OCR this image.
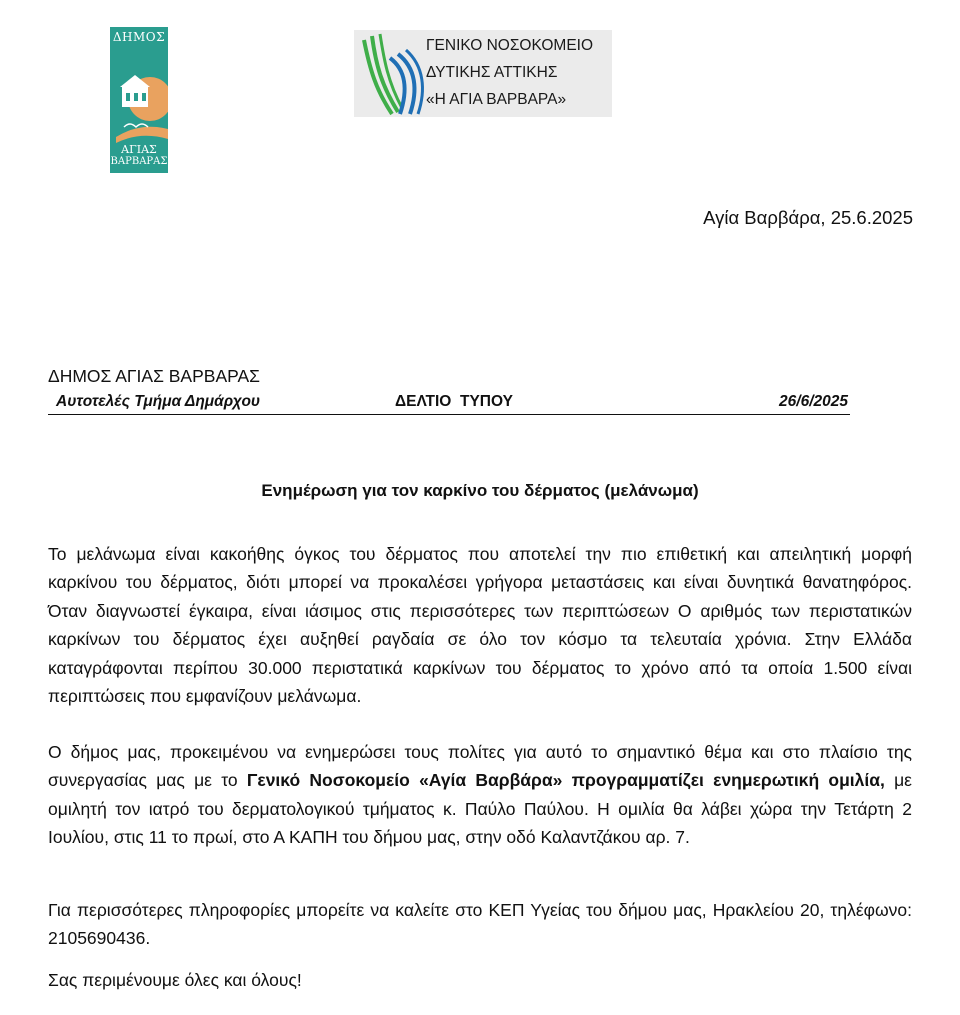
ΔΗΜΟΣ
ΑΓΙΑΣ
ΒΑΡΒΑΡΑΣ
ΓΕΝΙΚΟ ΝΟΣΟΚΟΜΕΙΟ
ΔΥΤΙΚΗΣ ΑΤΤΙΚΗΣ
«Η ΑΓΙΑ ΒΑΡΒΑΡΑ»
Αγία Βαρβάρα, 25.6.2025
ΔΗΜΟΣ ΑΓΙΑΣ ΒΑΡΒΑΡΑΣ
Αυτοτελές Τμήμα Δημάρχου	ΔΕΛΤΙΟ  ΤΥΠΟΥ	26/6/2025
Ενημέρωση για τον καρκίνο του δέρματος (μελάνωμα)
Το μελάνωμα είναι κακοήθης όγκος του δέρματος που αποτελεί την πιο επιθετική και απειλητική μορφή καρκίνου του δέρματος, διότι μπορεί να προκαλέσει γρήγορα μεταστάσεις και είναι δυνητικά θανατηφόρος. Όταν διαγνωστεί έγκαιρα, είναι ιάσιμος στις περισσότερες των περιπτώσεων Ο αριθμός των περιστατικών καρκίνων του δέρματος έχει αυξηθεί ραγδαία σε όλο τον κόσμο τα τελευταία χρόνια. Στην Ελλάδα καταγράφονται περίπου 30.000 περιστατικά καρκίνων του δέρματος το χρόνο από τα οποία 1.500 είναι περιπτώσεις που εμφανίζουν μελάνωμα.
Ο δήμος μας, προκειμένου να ενημερώσει τους πολίτες για αυτό το σημαντικό θέμα και στο πλαίσιο της συνεργασίας μας με το Γενικό Νοσοκομείο «Αγία Βαρβάρα» προγραμματίζει ενημερωτική ομιλία, με ομιλητή τον ιατρό του δερματολογικού τμήματος κ. Παύλο Παύλου. Η ομιλία θα λάβει χώρα την Τετάρτη 2 Ιουλίου, στις 11 το πρωί, στο Α ΚΑΠΗ του δήμου μας, στην οδό Καλαντζάκου αρ. 7.
Για περισσότερες πληροφορίες μπορείτε να καλείτε στο ΚΕΠ Υγείας του δήμου μας, Ηρακλείου 20, τηλέφωνο: 2105690436.
Σας περιμένουμε όλες και όλους!
